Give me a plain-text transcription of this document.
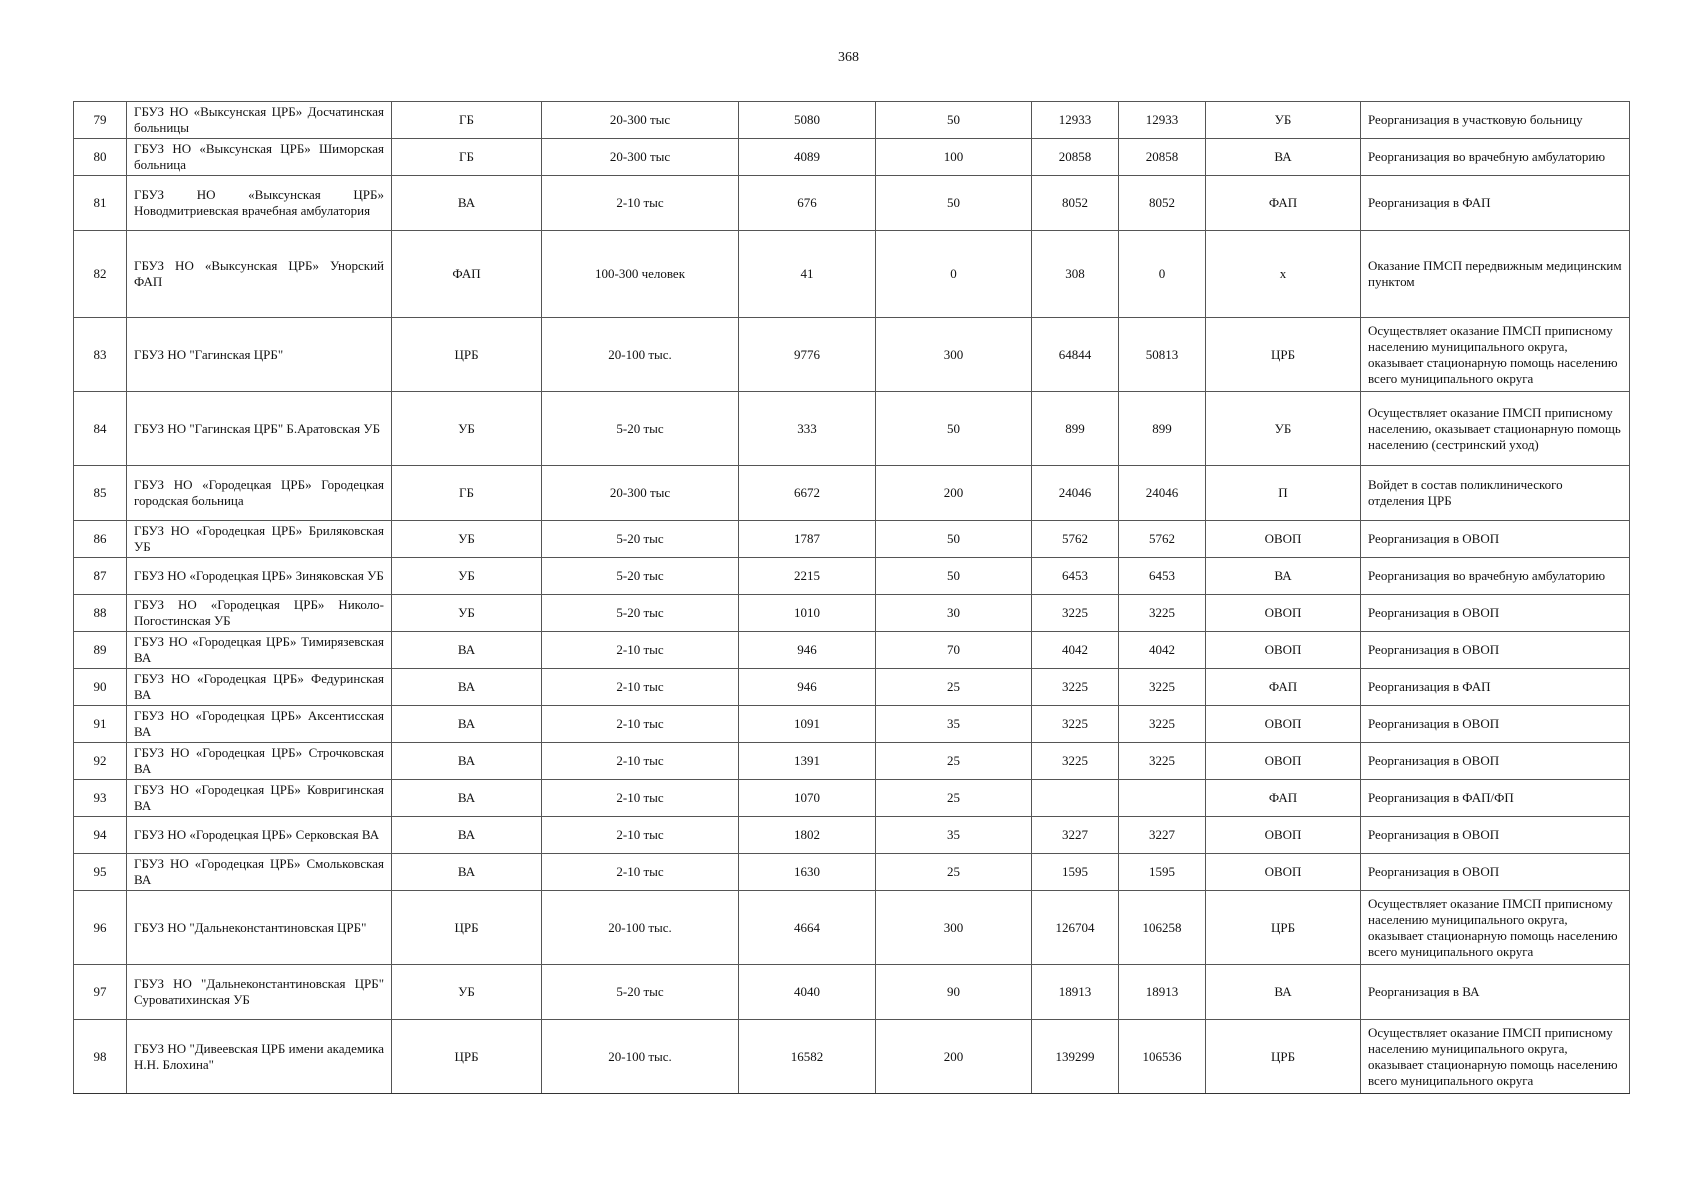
368
79	ГБУЗ НО «Выксунская ЦРБ» Досчатинская больницы	ГБ	20-300 тыс	5080	50	12933	12933	УБ	Реорганизация в участковую больницу
80	ГБУЗ НО «Выксунская ЦРБ» Шиморская больница	ГБ	20-300 тыс	4089	100	20858	20858	ВА	Реорганизация во врачебную амбулаторию
81	ГБУЗ НО «Выксунская ЦРБ» Новодмитриевская врачебная амбулатория	ВА	2-10 тыс	676	50	8052	8052	ФАП	Реорганизация в ФАП
82	ГБУЗ НО «Выксунская ЦРБ» Унорский ФАП	ФАП	100-300 человек	41	0	308	0	х	Оказание ПМСП передвижным медицинским пунктом
83	ГБУЗ НО "Гагинская ЦРБ"	ЦРБ	20-100 тыс.	9776	300	64844	50813	ЦРБ	Осуществляет оказание ПМСП приписному населению муниципального округа, оказывает стационарную помощь населению всего муниципального округа
84	ГБУЗ НО "Гагинская ЦРБ" Б.Аратовская УБ	УБ	5-20 тыс	333	50	899	899	УБ	Осуществляет оказание ПМСП приписному населению, оказывает стационарную помощь населению (сестринский уход)
85	ГБУЗ НО «Городецкая ЦРБ» Городецкая городская больница	ГБ	20-300 тыс	6672	200	24046	24046	П	Войдет в состав поликлинического отделения ЦРБ
86	ГБУЗ НО «Городецкая ЦРБ» Бриляковская УБ	УБ	5-20 тыс	1787	50	5762	5762	ОВОП	Реорганизация в ОВОП
87	ГБУЗ НО «Городецкая ЦРБ» Зиняковская УБ	УБ	5-20 тыс	2215	50	6453	6453	ВА	Реорганизация во врачебную амбулаторию
88	ГБУЗ НО «Городецкая ЦРБ» Николо-Погостинская УБ	УБ	5-20 тыс	1010	30	3225	3225	ОВОП	Реорганизация в ОВОП
89	ГБУЗ НО «Городецкая ЦРБ» Тимирязевская ВА	ВА	2-10 тыс	946	70	4042	4042	ОВОП	Реорганизация в ОВОП
90	ГБУЗ НО «Городецкая ЦРБ» Федуринская ВА	ВА	2-10 тыс	946	25	3225	3225	ФАП	Реорганизация в ФАП
91	ГБУЗ НО «Городецкая ЦРБ» Аксентисская ВА	ВА	2-10 тыс	1091	35	3225	3225	ОВОП	Реорганизация в ОВОП
92	ГБУЗ НО «Городецкая ЦРБ» Строчковская ВА	ВА	2-10 тыс	1391	25	3225	3225	ОВОП	Реорганизация в ОВОП
93	ГБУЗ НО «Городецкая ЦРБ» Ковригинская ВА	ВА	2-10 тыс	1070	25			ФАП	Реорганизация в ФАП/ФП
94	ГБУЗ НО «Городецкая ЦРБ» Серковская ВА	ВА	2-10 тыс	1802	35	3227	3227	ОВОП	Реорганизация в ОВОП
95	ГБУЗ НО «Городецкая ЦРБ» Смольковская ВА	ВА	2-10 тыс	1630	25	1595	1595	ОВОП	Реорганизация в ОВОП
96	ГБУЗ НО "Дальнеконстантиновская ЦРБ"	ЦРБ	20-100 тыс.	4664	300	126704	106258	ЦРБ	Осуществляет оказание ПМСП приписному населению муниципального округа, оказывает стационарную помощь населению всего муниципального округа
97	ГБУЗ НО "Дальнеконстантиновская ЦРБ" Суроватихинская УБ	УБ	5-20 тыс	4040	90	18913	18913	ВА	Реорганизация в ВА
98	ГБУЗ НО "Дивеевская ЦРБ имени академика Н.Н. Блохина"	ЦРБ	20-100 тыс.	16582	200	139299	106536	ЦРБ	Осуществляет оказание ПМСП приписному населению муниципального округа, оказывает стационарную помощь населению всего муниципального округа
